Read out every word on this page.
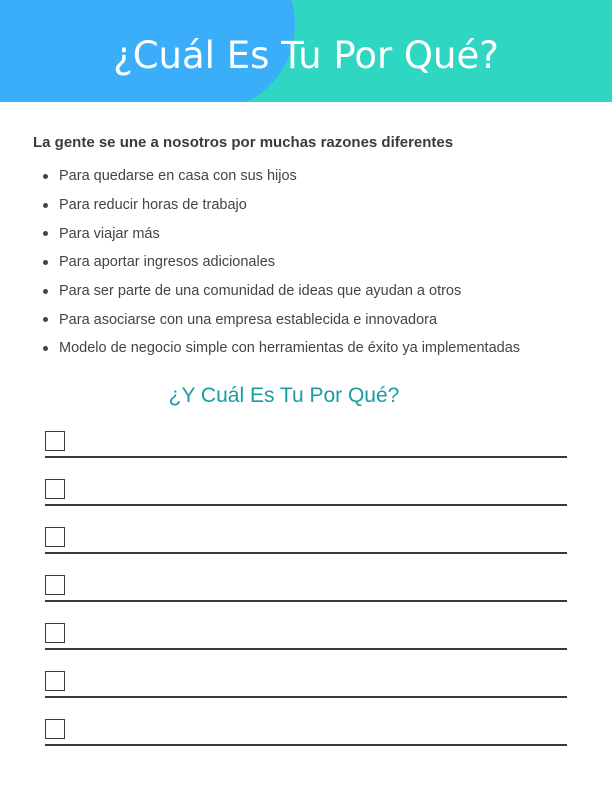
¿Cuál Es Tu Por Qué?

La gente se une a nosotros por muchas razones diferentes

Para quedarse en casa con sus hijos
Para reducir horas de trabajo
Para viajar más
Para aportar ingresos adicionales
Para ser parte de una comunidad de ideas que ayudan a otros
Para asociarse con una empresa establecida e innovadora
Modelo de negocio simple con herramientas de éxito ya implementadas
¿Y Cuál Es Tu Por Qué?
